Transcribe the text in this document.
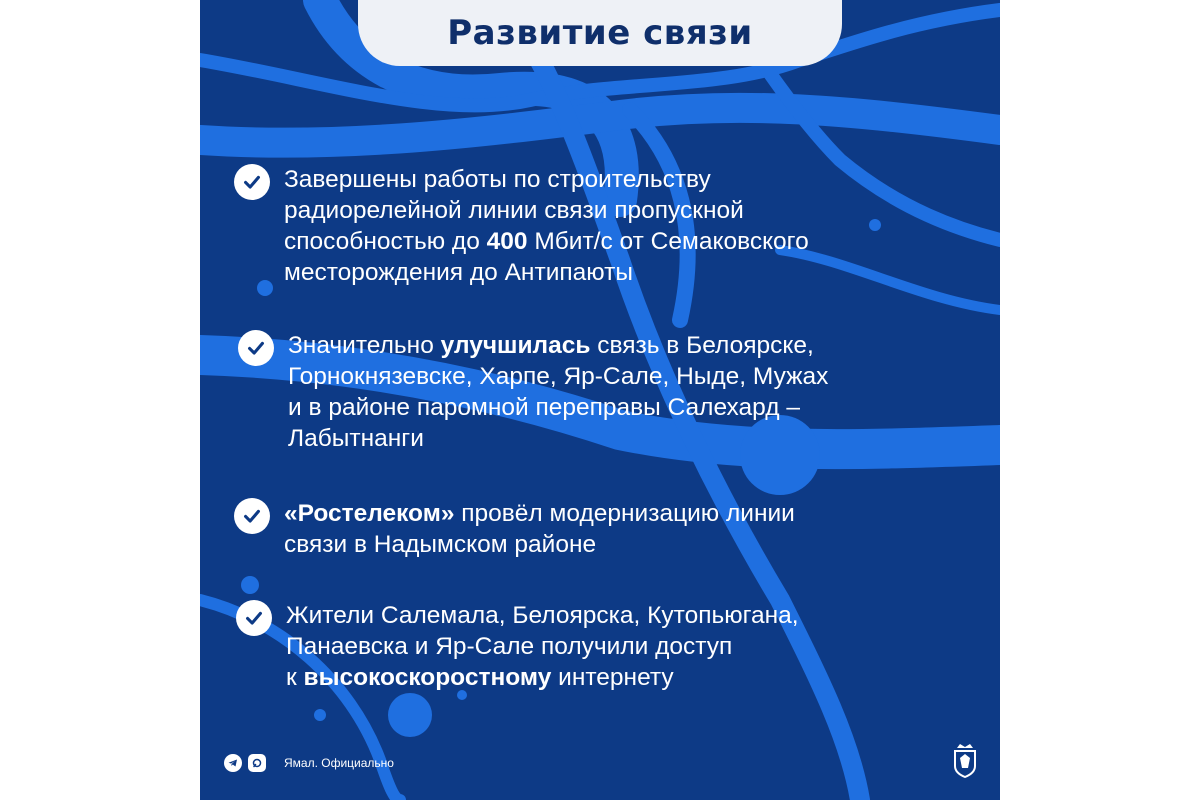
Развитие связи
Завершены работы по строительству
радиорелейной линии связи пропускной
способностью до 400 Мбит/с от Семаковского
месторождения до Антипаюты
Значительно улучшилась связь в Белоярске,
Горнокнязевске, Харпе, Яр-Сале, Ныде, Мужах
и в районе паромной переправы Салехард –
Лабытнанги
«Ростелеком» провёл модернизацию линии
связи в Надымском районе
Жители Салемала, Белоярска, Кутопьюгана,
Панаевска и Яр-Сале получили доступ
к высокоскоростному интернету
Ямал. Официально
